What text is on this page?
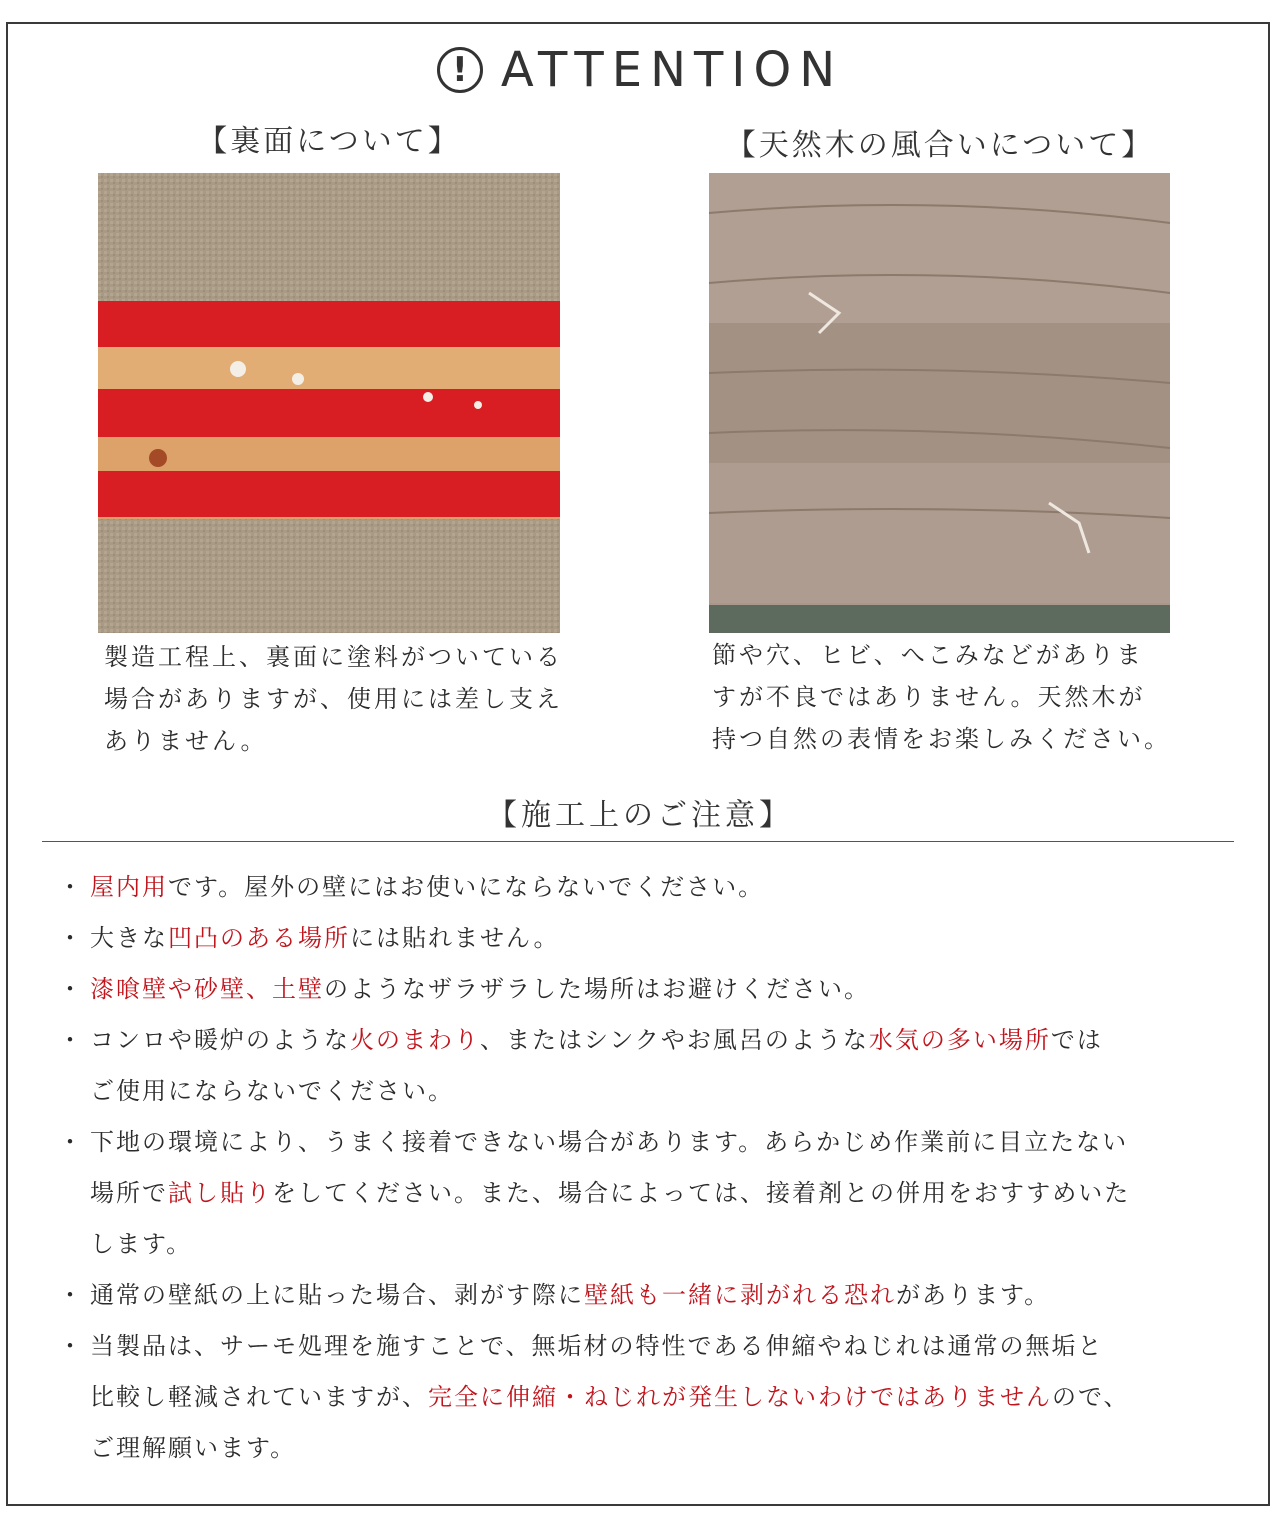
! ATTENTION
【裏面について】
製造工程上、裏面に塗料がついている
場合がありますが、使用には差し支え
ありません。
【天然木の風合いについて】
節や穴、ヒビ、へこみなどがありま
すが不良ではありません。天然木が
持つ自然の表情をお楽しみください。
【施工上のご注意】
・ 屋内用です。屋外の壁にはお使いにならないでください。
・ 大きな凹凸のある場所には貼れません。
・ 漆喰壁や砂壁、土壁のようなザラザラした場所はお避けください。
・ コンロや暖炉のような火のまわり、またはシンクやお風呂のような水気の多い場所では
ご使用にならないでください。
・ 下地の環境により、うまく接着できない場合があります。あらかじめ作業前に目立たない
場所で試し貼りをしてください。また、場合によっては、接着剤との併用をおすすめいた
します。
・ 通常の壁紙の上に貼った場合、剥がす際に壁紙も一緒に剥がれる恐れがあります。
・ 当製品は、サーモ処理を施すことで、無垢材の特性である伸縮やねじれは通常の無垢と
比較し軽減されていますが、完全に伸縮・ねじれが発生しないわけではありませんので、
ご理解願います。
